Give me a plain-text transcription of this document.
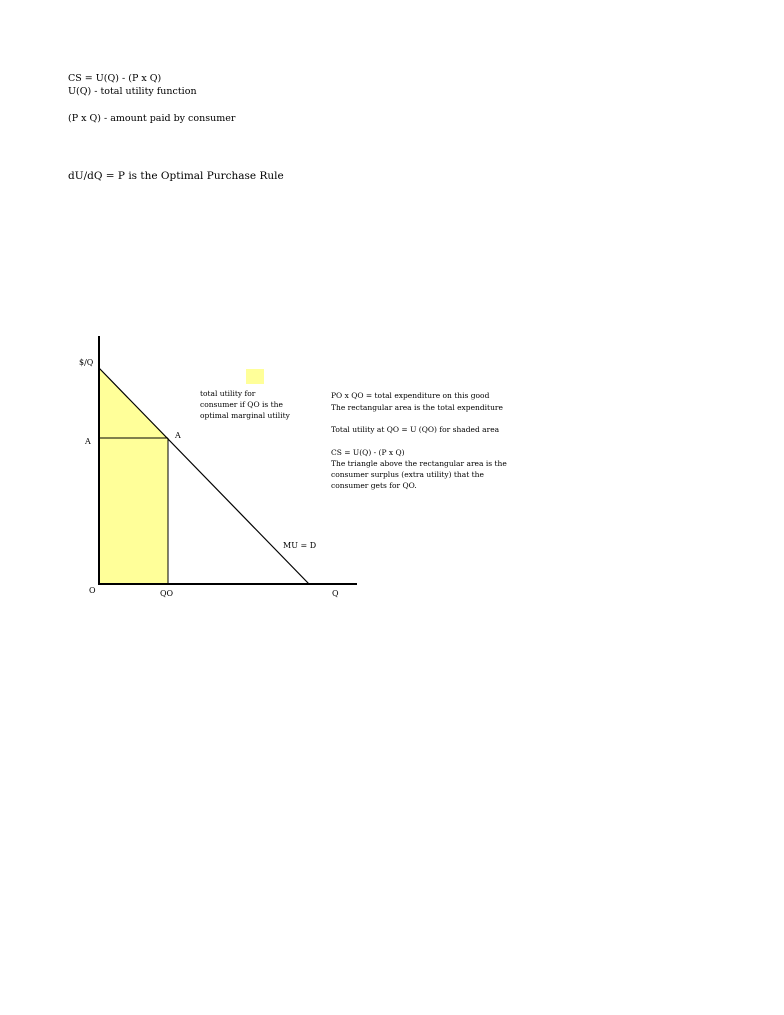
CS = U(Q) - (P x Q)
U(Q) - total utility function
(P x Q) - amount paid by consumer
dU/dQ = P is the Optimal Purchase Rule
$/Q
A
A
O	QO	Q
MU = D
total utility for
consumer if QO is the
optimal marginal utility
PO x QO = total expenditure on this good
The rectangular area is the total expenditure
Total utility at QO = U (QO) for shaded area
CS = U(Q) - (P x Q)
The triangle above the rectangular area is the
consumer surplus (extra utility) that the
consumer gets for QO.
